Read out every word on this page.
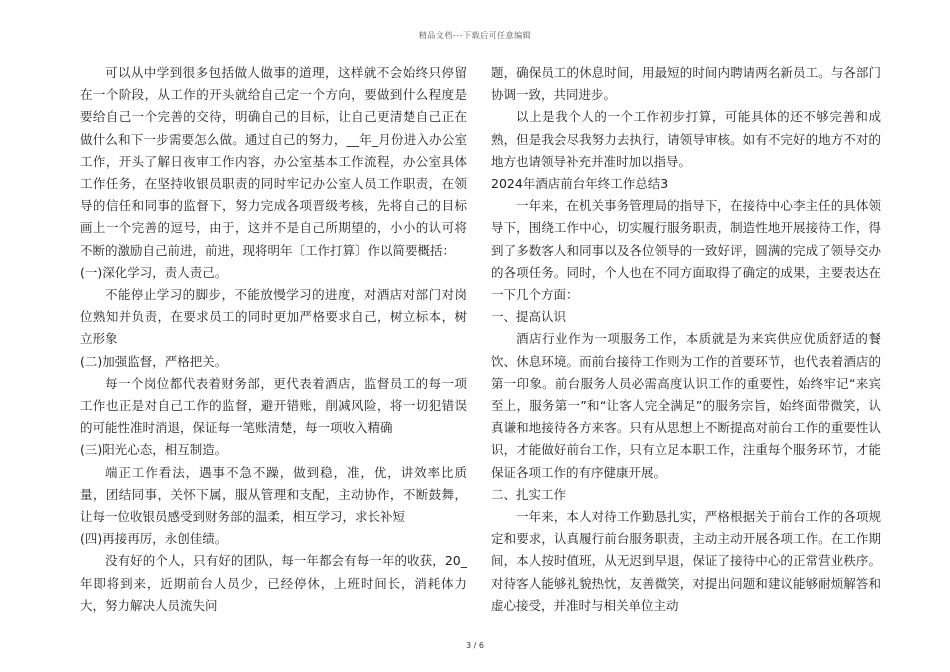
精品文档---下载后可任意编辑

可以从中学到很多包括做人做事的道理，这样就不会始终只停留在一个阶段，从工作的开头就给自己定一个方向，要做到什么程度是要给自己一个完善的交待，明确自己的目标，让自己更清楚自己正在做什么和下一步需要怎么做。通过自己的努力，__年_月份进入办公室工作，开头了解日夜审工作内容，办公室基本工作流程，办公室具体工作任务，在坚持收银员职责的同时牢记办公室人员工作职责，在领导的信任和同事的监督下，努力完成各项晋级考核，先将自己的目标画上一个完善的逗号，由于，这并不是自己所期望的，小小的认可将不断的激励自己前进，前进，现将明年〔工作打算〕作以简要概括：

(一)深化学习，责人责己。

不能停止学习的脚步，不能放慢学习的进度，对酒店对部门对岗位熟知并负责，在要求员工的同时更加严格要求自己，树立标本，树立形象

(二)加强监督，严格把关。

每一个岗位都代表着财务部，更代表着酒店，监督员工的每一项工作也正是对自己工作的监督，避开错账，削减风险，将一切犯错误的可能性准时消退，保证每一笔账清楚，每一项收入精确

(三)阳光心态，相互制造。

端正工作看法，遇事不急不躁，做到稳，准，优，讲效率比质量，团结同事，关怀下属，服从管理和支配，主动协作，不断鼓舞，让每一位收银员感受到财务部的温柔，相互学习，求长补短

(四)再接再厉，永创佳绩。

没有好的个人，只有好的团队，每一年都会有每一年的收获，20_年即将到来，近期前台人员少，已经停休，上班时间长，消耗体力大，努力解决人员流失问

题，确保员工的休息时间，用最短的时间内聘请两名新员工。与各部门协调一致，共同进步。

以上是我个人的一个工作初步打算，可能具体的还不够完善和成熟，但是我会尽我努力去执行，请领导审核。如有不完好的地方不对的地方也请领导补充并准时加以指导。

2024年酒店前台年终工作总结3

一年来，在机关事务管理局的指导下，在接待中心李主任的具体领导下，围绕工作中心，切实履行服务职责，制造性地开展接待工作，得到了多数客人和同事以及各位领导的一致好评，圆满的完成了领导交办的各项任务。同时，个人也在不同方面取得了确定的成果，主要表达在一下几个方面：

一、提高认识

酒店行业作为一项服务工作，本质就是为来宾供应优质舒适的餐饮、休息环境。而前台接待工作则为工作的首要环节，也代表着酒店的第一印象。前台服务人员必需高度认识工作的重要性，始终牢记“来宾至上，服务第一”和“让客人完全满足”的服务宗旨，始终面带微笑，认真谦和地接待各方来客。只有从思想上不断提高对前台工作的重要性认识，才能做好前台工作，只有立足本职工作，注重每个服务环节，才能保证各项工作的有序健康开展。

二、扎实工作

一年来，本人对待工作勤恳扎实，严格根据关于前台工作的各项规定和要求，认真履行前台服务职责，主动主动开展各项工作。在工作期间，本人按时值班，从无迟到早退，保证了接待中心的正常营业秩序。对待客人能够礼貌热忱，友善微笑，对提出问题和建议能够耐烦解答和虚心接受，并准时与相关单位主动

3 / 6
